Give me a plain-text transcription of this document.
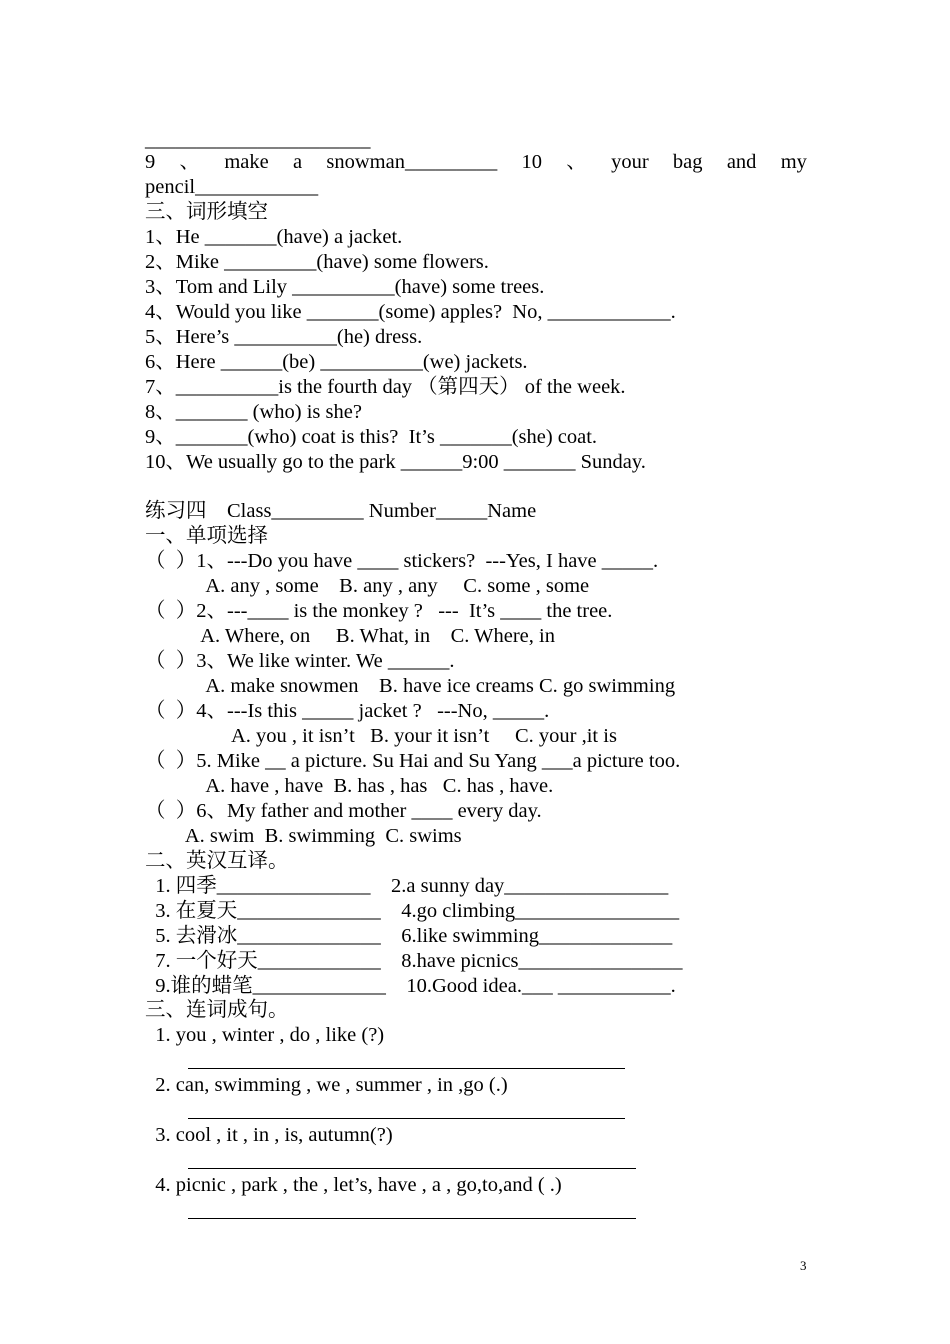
______________________
9 、 make a snowman_________ 10 、 your bag and my
pencil____________
三、词形填空
1、He _______(have) a jacket.
2、Mike _________(have) some flowers.
3、Tom and Lily __________(have) some trees.
4、Would you like _______(some) apples?  No, ____________.
5、Here’s __________(he) dress.
6、Here ______(be) __________(we) jackets.
7、__________is the fourth day （第四天） of the week.
8、_______ (who) is she?
9、_______(who) coat is this?  It’s _______(she) coat.
10、We usually go to the park ______9:00 _______ Sunday.
练习四    Class_________ Number_____Name
一、单项选择
（  ）1、---Do you have ____ stickers?  ---Yes, I have _____.
A. any , some    B. any , any     C. some , some
（  ）2、---____ is the monkey ?   ---  It’s ____ the tree.
A. Where, on     B. What, in    C. Where, in
（  ）3、We like winter. We ______.
A. make snowmen    B. have ice creams C. go swimming
（  ）4、---Is this _____ jacket ?   ---No, _____.
A. you , it isn’t   B. your it isn’t     C. your ,it is
（  ）5. Mike __ a picture. Su Hai and Su Yang ___a picture too.
A. have , have  B. has , has   C. has , have.
（  ）6、My father and mother ____ every day.
A. swim  B. swimming  C. swims
二、英汉互译。
1. 四季_______________    2.a sunny day________________
3. 在夏天______________    4.go climbing________________
5. 去滑冰______________    6.like swimming_____________
7. 一个好天____________    8.have picnics________________
9.谁的蜡笔_____________    10.Good idea.___ ___________.
三、连词成句。
1. you , winter , do , like (?)
2. can, swimming , we , summer , in ,go (.)
3. cool , it , in , is, autumn(?)
4. picnic , park , the , let’s, have , a , go,to,and ( .)
3
